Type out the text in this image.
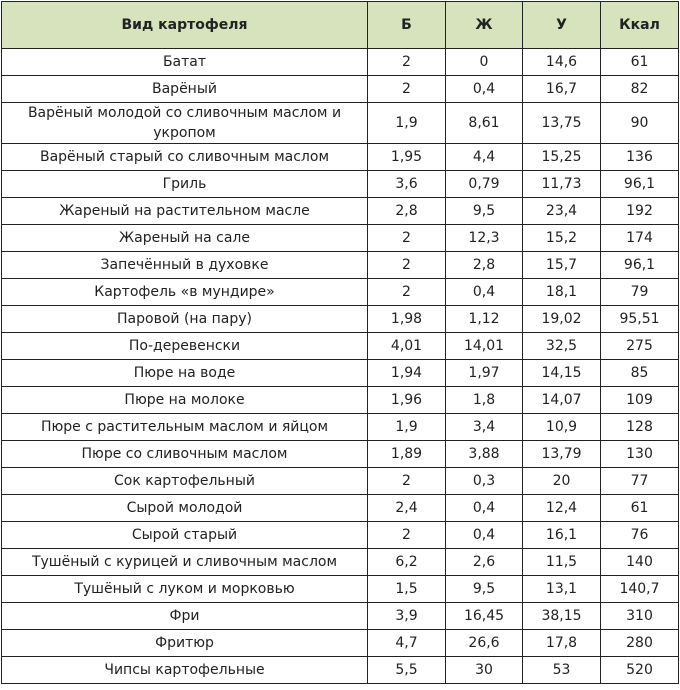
Вид картофеля	Б	Ж	У	Ккал
Батат	2	0	14,6	61
Варёный	2	0,4	16,7	82
Варёный молодой со сливочным маслом и укропом	1,9	8,61	13,75	90
Варёный старый со сливочным маслом	1,95	4,4	15,25	136
Гриль	3,6	0,79	11,73	96,1
Жареный на растительном масле	2,8	9,5	23,4	192
Жареный на сале	2	12,3	15,2	174
Запечённый в духовке	2	2,8	15,7	96,1
Картофель «в мундире»	2	0,4	18,1	79
Паровой (на пару)	1,98	1,12	19,02	95,51
По-деревенски	4,01	14,01	32,5	275
Пюре на воде	1,94	1,97	14,15	85
Пюре на молоке	1,96	1,8	14,07	109
Пюре с растительным маслом и яйцом	1,9	3,4	10,9	128
Пюре со сливочным маслом	1,89	3,88	13,79	130
Сок картофельный	2	0,3	20	77
Сырой молодой	2,4	0,4	12,4	61
Сырой старый	2	0,4	16,1	76
Тушёный с курицей и сливочным маслом	6,2	2,6	11,5	140
Тушёный с луком и морковью	1,5	9,5	13,1	140,7
Фри	3,9	16,45	38,15	310
Фритюр	4,7	26,6	17,8	280
Чипсы картофельные	5,5	30	53	520
